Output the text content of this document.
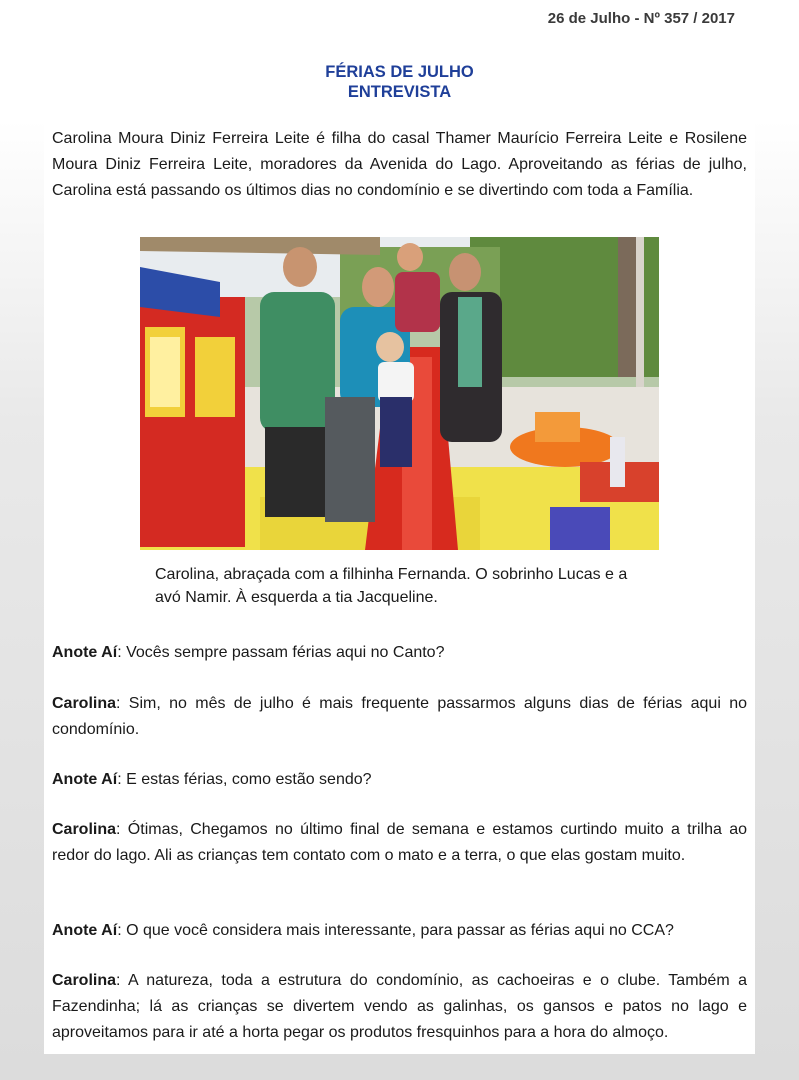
26 de Julho - Nº 357 / 2017
FÉRIAS DE JULHO
ENTREVISTA

Carolina Moura Diniz Ferreira Leite é filha do casal Thamer Maurício Ferreira Leite e Rosilene Moura Diniz Ferreira Leite, moradores da Avenida do Lago. Aproveitando as férias de julho, Carolina está passando os últimos dias no condomínio e se divertindo com toda a Família.

Carolina, abraçada com a filhinha Fernanda. O sobrinho Lucas e a avó Namir. À esquerda a tia Jacqueline.

Anote Aí: Vocês sempre passam férias aqui no Canto?

Carolina: Sim, no mês de julho é mais frequente passarmos alguns dias de férias aqui no condomínio.

Anote Aí: E estas férias, como estão sendo?

Carolina: Ótimas, Chegamos no último final de semana e estamos curtindo muito a trilha ao redor do lago. Ali as crianças tem contato com o mato e a terra, o que elas gostam muito.

Anote Aí: O que você considera mais interessante, para passar as férias aqui no CCA?

Carolina: A natureza, toda a estrutura do condomínio, as cachoeiras e o clube. Também a Fazendinha; lá as crianças se divertem vendo as galinhas, os gansos e patos no lago e aproveitamos para ir até a horta pegar os produtos fresquinhos para a hora do almoço.
